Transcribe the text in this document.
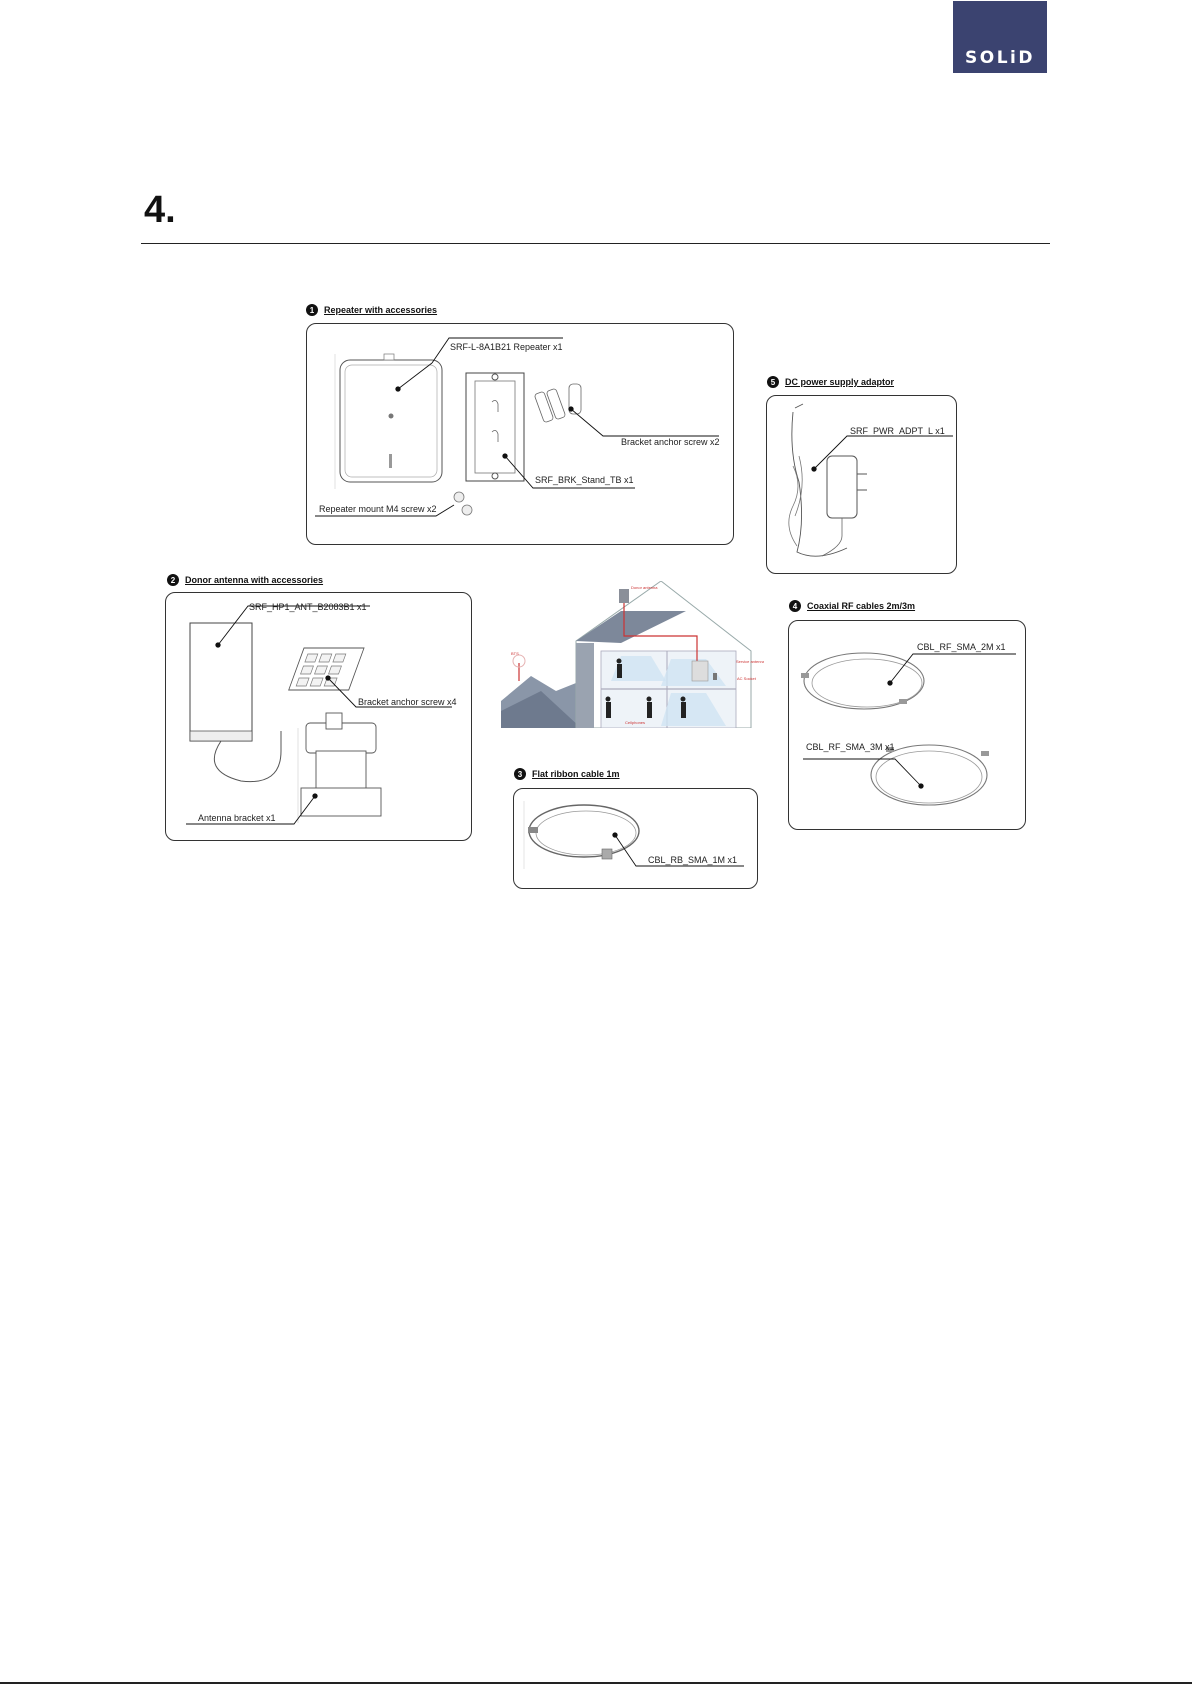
SOLiD
4.
1	Repeater with accessories
SRF-L-8A1B21 Repeater x1
Bracket anchor screw x2
SRF_BRK_Stand_TB x1
Repeater mount M4 screw x2
5	DC power supply adaptor
SRF_PWR_ADPT_L x1
2	Donor antenna with accessories
SRF_HP1_ANT_B2083B1 x1
Bracket anchor screw x4
Antenna bracket x1
BTS
Donor antenna
Service antenna
AC Socket
Cellphones
4	Coaxial RF cables 2m/3m
CBL_RF_SMA_2M x1
CBL_RF_SMA_3M x1
3	Flat ribbon cable 1m
CBL_RB_SMA_1M x1
